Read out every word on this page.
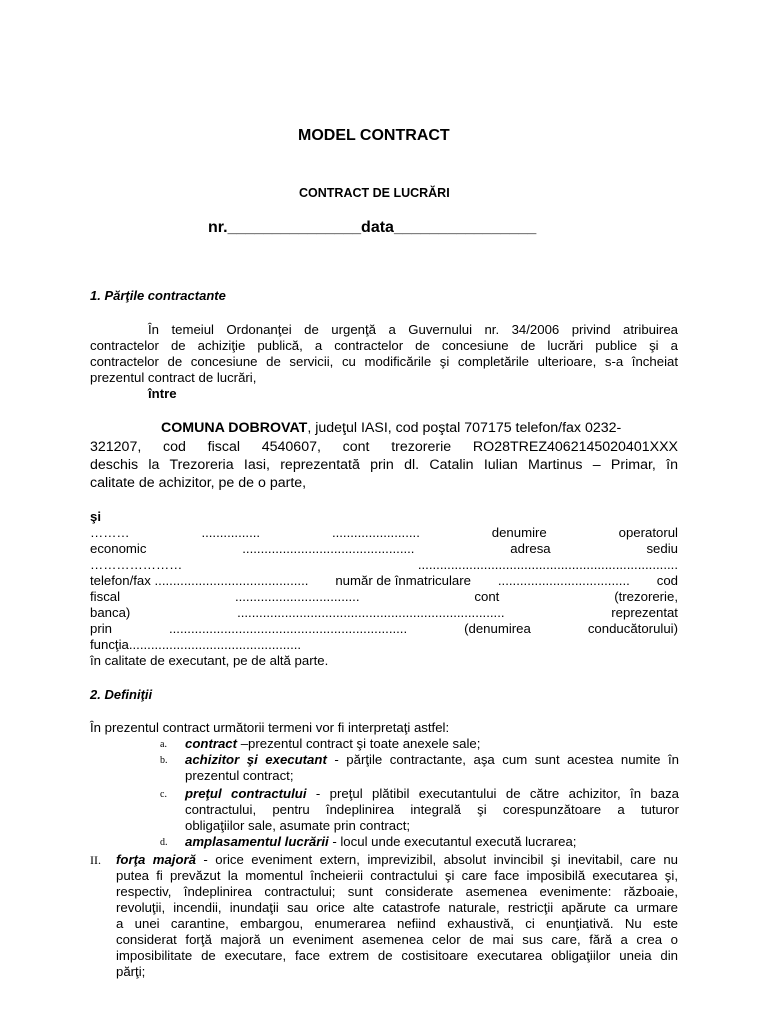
MODEL CONTRACT
CONTRACT DE LUCRĂRI
nr._______________data________________
1. Părţile contractante
În temeiul Ordonanţei de urgenţă a Guvernului nr. 34/2006 privind atribuirea
contractelor de achiziţie publică, a contractelor de concesiune de lucrări publice şi a
contractelor de concesiune de servicii, cu modificările şi completările ulterioare, s-a încheiat
prezentul contract de lucrări,
între
COMUNA DOBROVAT, judeţul IASI, cod poştal 707175 telefon/fax 0232-
321207, cod fiscal 4540607, cont trezorerie RO28TREZ4062145020401XXX
deschis la Trezoreria Iasi, reprezentată prin dl. Catalin Iulian Martinus – Primar, în
calitate de achizitor, pe de o parte,
şi
………	................	........................	denumire	operatorul
economic	...............................................	adresa	sediu
…………………	.......................................................................
telefon/fax .......................................... număr de înmatriculare .................................... cod
fiscal	..................................	cont	(trezorerie,
banca)	.........................................................................	reprezentat
prin	.................................................................	(denumirea	conducătorului)
funcţia...............................................
în calitate de executant, pe de altă parte.
2. Definiţii
În prezentul contract următorii termeni vor fi interpretaţi astfel:
a. contract –prezentul contract şi toate anexele sale;
b. achizitor şi executant - părţile contractante, aşa cum sunt acestea numite în
prezentul contract;
c. preţul contractului - preţul plătibil executantului de către achizitor, în baza
contractului, pentru îndeplinirea integrală şi corespunzătoare a tuturor
obligaţiilor sale, asumate prin contract;
d. amplasamentul lucrării - locul unde executantul execută lucrarea;
II. forţa majoră - orice eveniment extern, imprevizibil, absolut invincibil şi inevitabil, care nu
putea fi prevăzut la momentul încheierii contractului şi care face imposibilă executarea şi,
respectiv, îndeplinirea contractului; sunt considerate asemenea evenimente: războaie,
revoluţii, incendii, inundaţii sau orice alte catastrofe naturale, restricţii apărute ca urmare
a unei carantine, embargou, enumerarea nefiind exhaustivă, ci enunţiativă. Nu este
considerat forţă majoră un eveniment asemenea celor de mai sus care, fără a crea o
imposibilitate de executare, face extrem de costisitoare executarea obligaţiilor uneia din
părţi;
